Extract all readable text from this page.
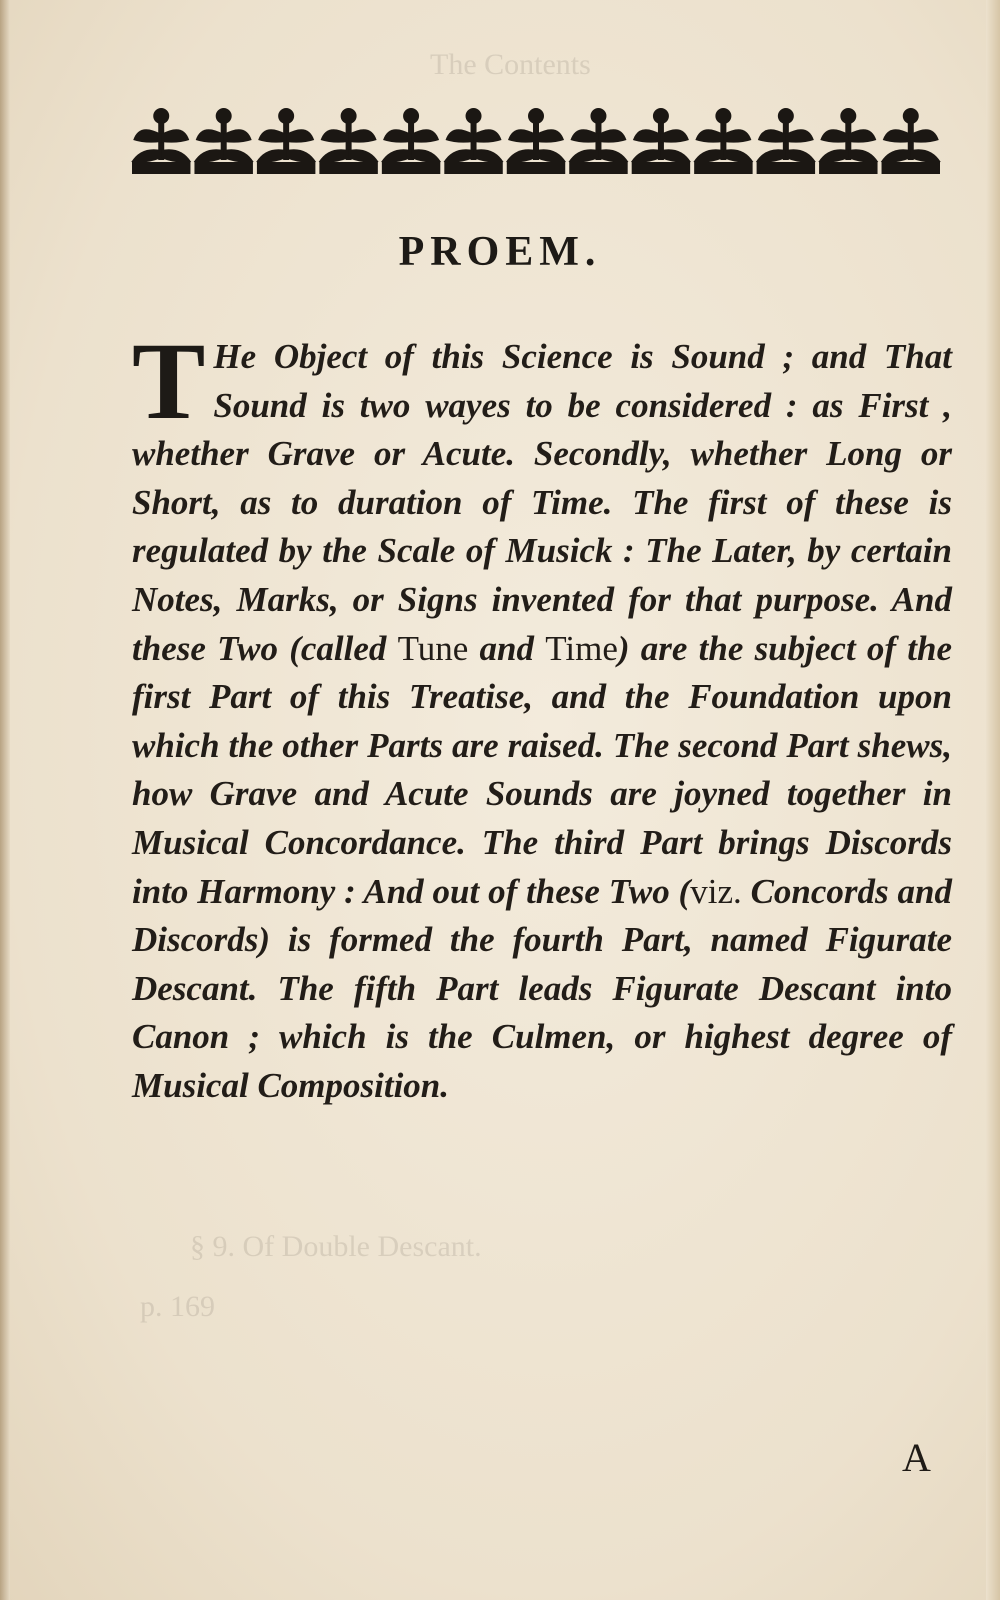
The Contents
§ 9. Of Double Descant.
p. 169
PROEM.

T He Object of this Science is Sound ; and That Sound is two wayes to be considered : as First , whether Grave or Acute. Secondly, whether Long or Short, as to duration of Time. The first of these is regulated by the Scale of Musick : The Later, by certain Notes, Marks, or Signs invented for that purpose. And these Two (called Tune and Time) are the subject of the first Part of this Treatise, and the Foundation upon which the other Parts are raised. The second Part shews, how Grave and Acute Sounds are joyned together in Musical Concordance. The third Part brings Discords into Harmony : And out of these Two (viz. Concords and Discords) is formed the fourth Part, named Figurate Descant. The fifth Part leads Figurate Descant into Canon ; which is the Culmen, or highest degree of Musical Composition.

A
